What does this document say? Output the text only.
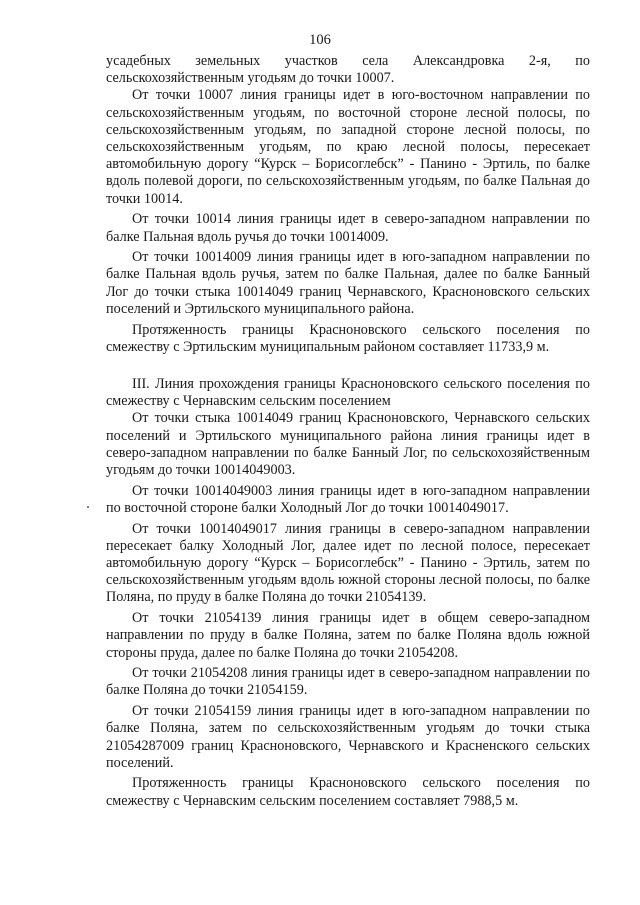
106

усадебных земельных участков села Александровка 2-я, по сельскохозяйственным угодьям до точки 10007.

От точки 10007 линия границы идет в юго-восточном направлении по сельскохозяйственным угодьям, по восточной стороне лесной полосы, по сельскохозяйственным угодьям, по западной стороне лесной полосы, по сельскохозяйственным угодьям, по краю лесной полосы, пересекает автомобильную дорогу “Курск – Борисоглебск” - Панино - Эртиль, по балке вдоль полевой дороги, по сельскохозяйственным угодьям, по балке Пальная до точки 10014.

От точки 10014 линия границы идет в северо-западном направлении по балке Пальная вдоль ручья до точки 10014009.

От точки 10014009 линия границы идет в юго-западном направлении по балке Пальная вдоль ручья, затем по балке Пальная, далее по балке Банный Лог до точки стыка 10014049 границ Чернавского, Красноновского сельских поселений и Эртильского муниципального района.

Протяженность границы Красноновского сельского поселения по смежеству с Эртильским муниципальным районом составляет 11733,9 м.

III. Линия прохождения границы Красноновского сельского поселения по смежеству с Чернавским сельским поселением

От точки стыка 10014049 границ Красноновского, Чернавского сельских поселений и Эртильского муниципального района линия границы идет в северо-западном направлении по балке Банный Лог, по сельскохозяйственным угодьям до точки 10014049003.

От точки 10014049003 линия границы идет в юго-западном направлении по восточной стороне балки Холодный Лог до точки 10014049017.

От точки 10014049017 линия границы в северо-западном направлении пересекает балку Холодный Лог, далее идет по лесной полосе, пересекает автомобильную дорогу “Курск – Борисоглебск” - Панино - Эртиль, затем по сельскохозяйственным угодьям вдоль южной стороны лесной полосы, по балке Поляна, по пруду в балке Поляна до точки 21054139.

От точки 21054139 линия границы идет в общем северо-западном направлении по пруду в балке Поляна, затем по балке Поляна вдоль южной стороны пруда, далее по балке Поляна до точки 21054208.

От точки 21054208 линия границы идет в северо-западном направлении по балке Поляна до точки 21054159.

От точки 21054159 линия границы идет в юго-западном направлении по балке Поляна, затем по сельскохозяйственным угодьям до точки стыка 21054287009 границ Красноновского, Чернавского и Красненского сельских поселений.

Протяженность границы Красноновского сельского поселения по смежеству с Чернавским сельским поселением составляет 7988,5 м.
